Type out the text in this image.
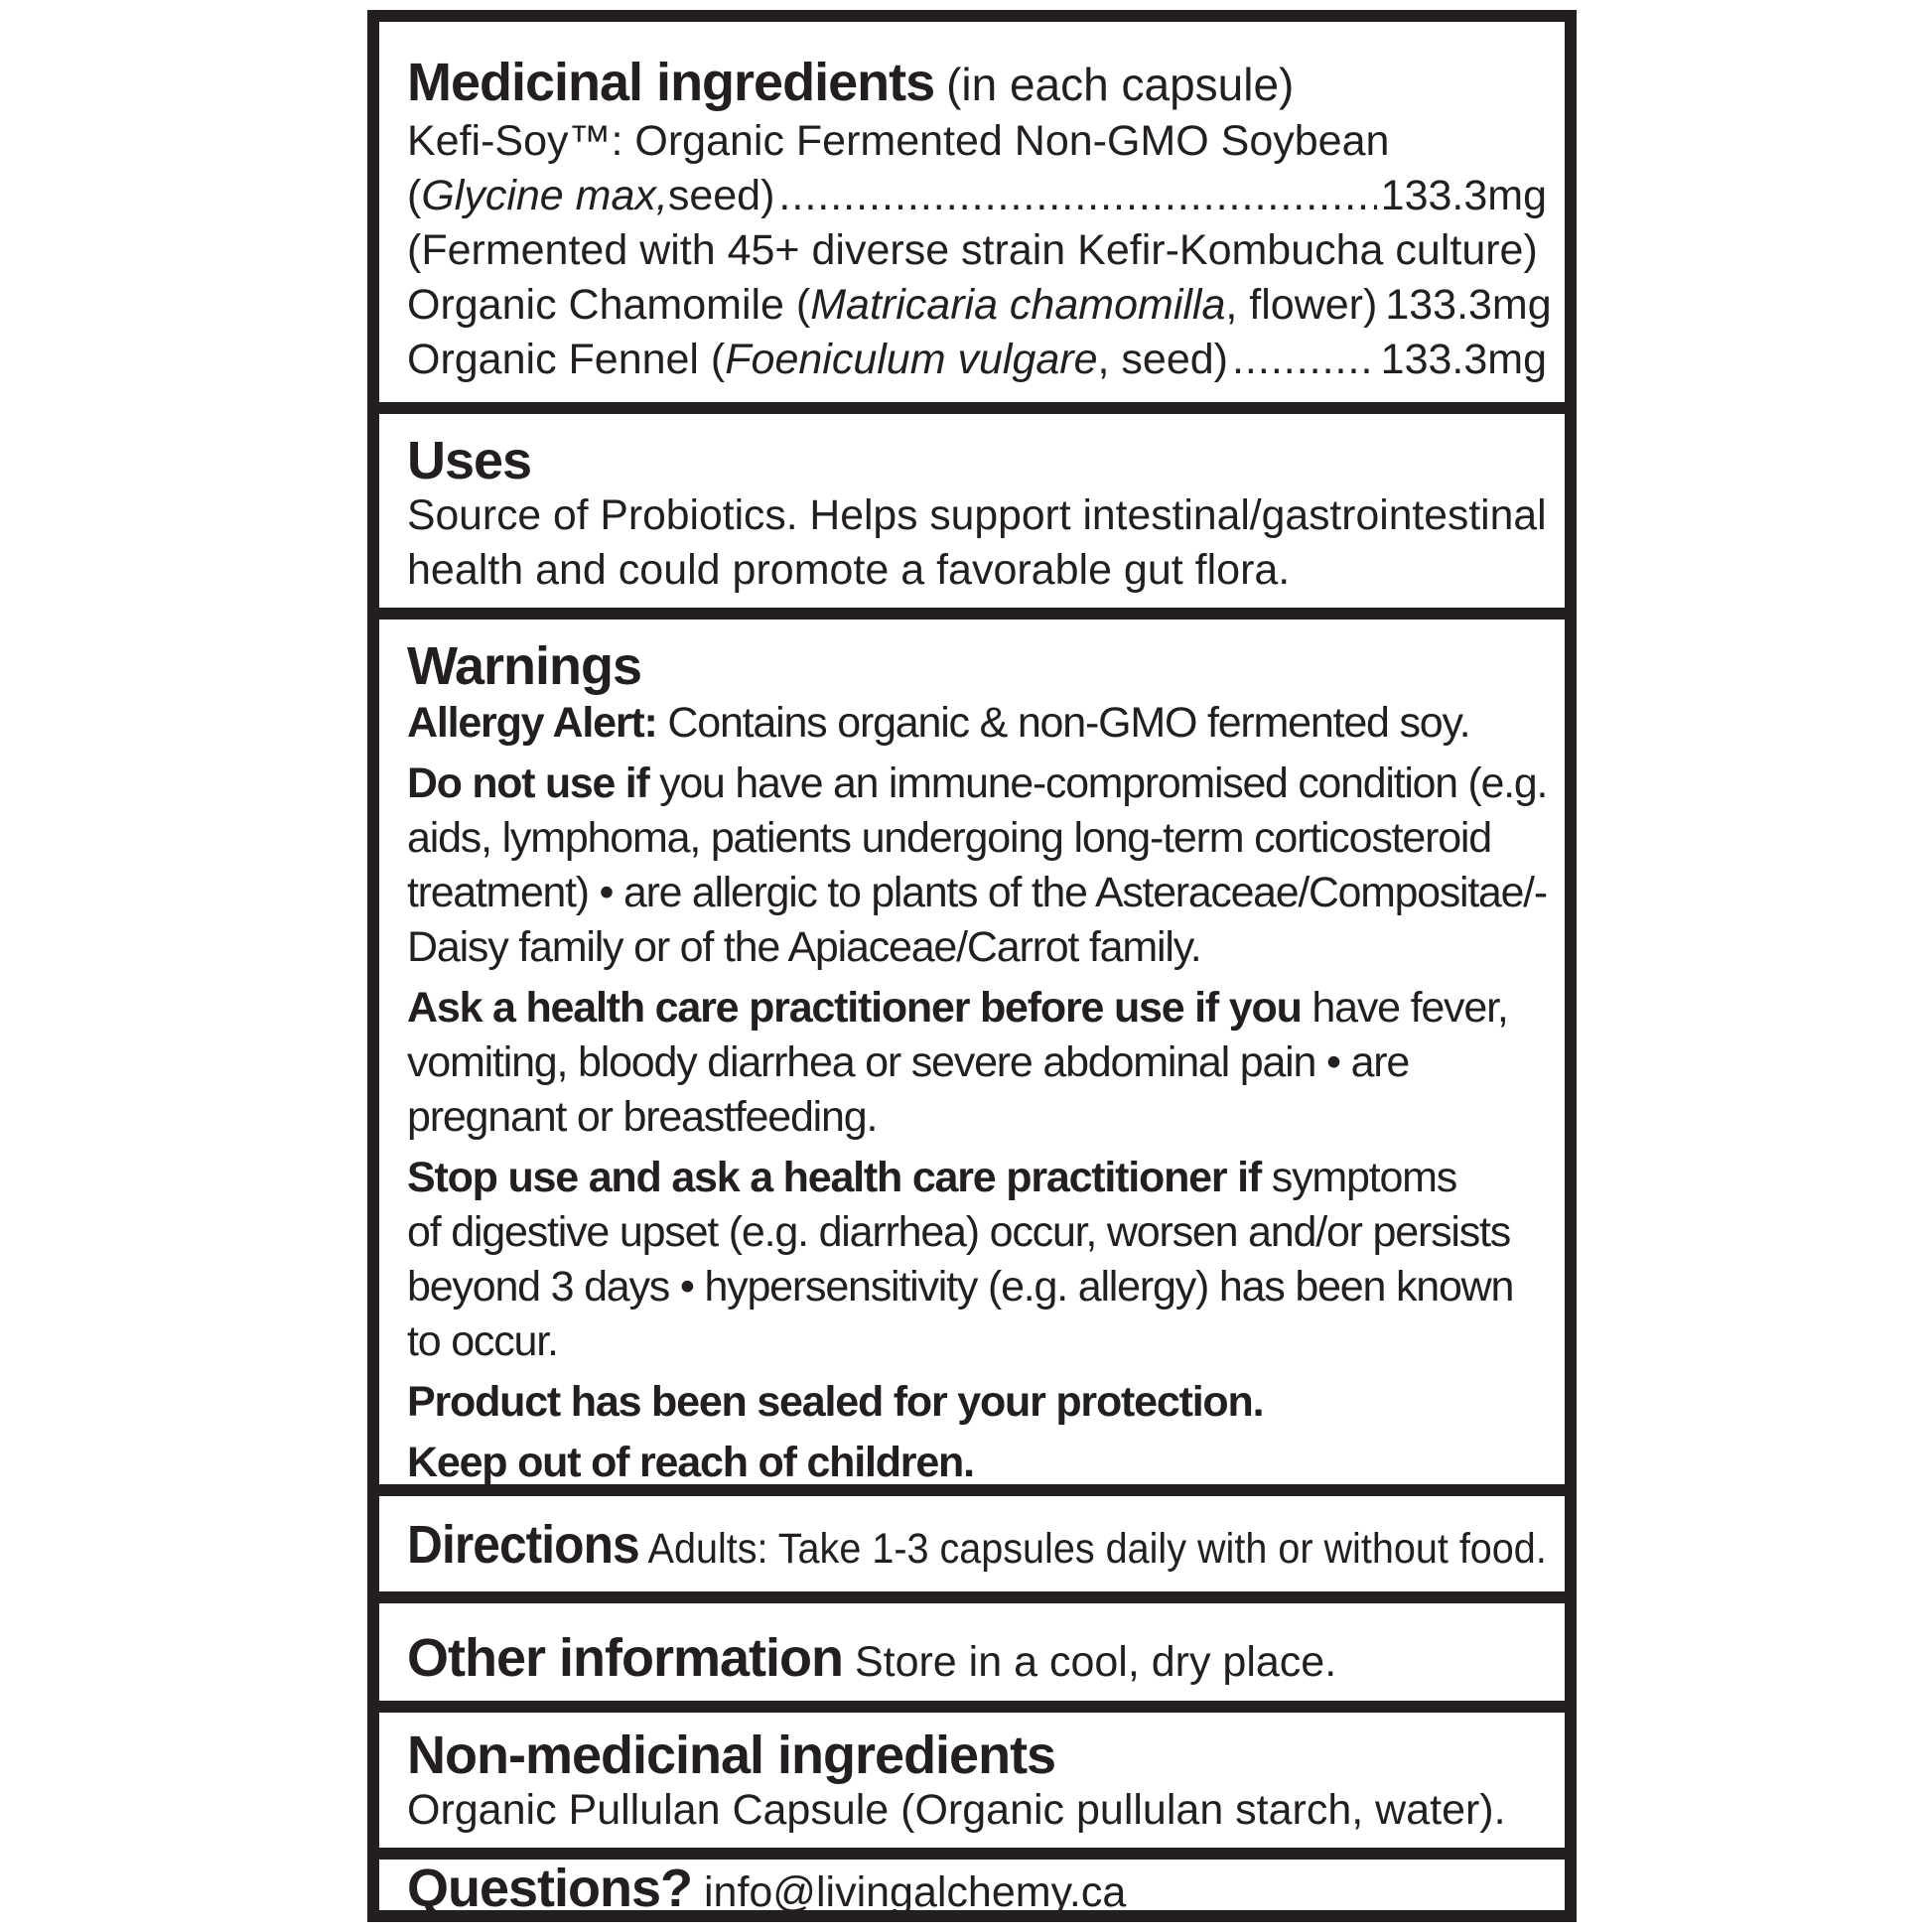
Medicinal ingredients (in each capsule)
Kefi-Soy™: Organic Fermented Non-GMO Soybean
( Glycine max, seed) .....	133.3mg
(Fermented with 45+ diverse strain Kefir-Kombucha culture)
Organic Chamomile ( Matricaria chamomilla , flower) 133.3mg
Organic Fennel ( Foeniculum vulgare , seed) .....	133.3mg
Uses
Source of Probiotics. Helps support intestinal/gastrointestinal
health and could promote a favorable gut flora.
Warnings
Allergy Alert: Contains organic & non-GMO fermented soy.
Do not use if you have an immune-compromised condition (e.g.
aids, lymphoma, patients undergoing long-term corticosteroid
treatment) • are allergic to plants of the Asteraceae/Compositae/-
Daisy family or of the Apiaceae/Carrot family.
Ask a health care practitioner before use if you have fever,
vomiting, bloody diarrhea or severe abdominal pain • are
pregnant or breastfeeding.
Stop use and ask a health care practitioner if symptoms
of digestive upset (e.g. diarrhea) occur, worsen and/or persists
beyond 3 days • hypersensitivity (e.g. allergy) has been known
to occur.
Product has been sealed for your protection.
Keep out of reach of children.
Directions Adults: Take 1-3 capsules daily with or without food.
Other information Store in a cool, dry place.
Non-medicinal ingredients
Organic Pullulan Capsule (Organic pullulan starch, water).
Questions? info@livingalchemy.ca
